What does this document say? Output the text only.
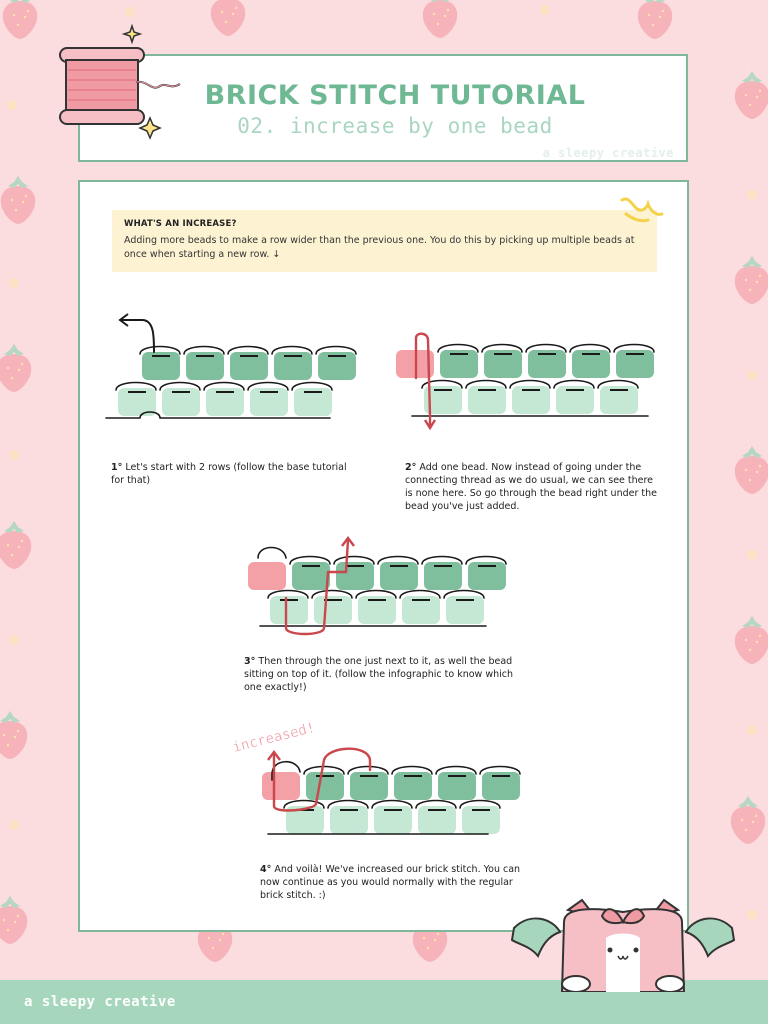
a sleepy creative
BRICK STITCH TUTORIAL
02. increase by one bead
a sleepy creative
WHAT'S AN INCREASE?
Adding more beads to make a row wider than the previous one. You do this by picking up multiple beads at once when starting a new row. ↓
increased!
1° Let's start with 2 rows (follow the base tutorial for that)
2° Add one bead. Now instead of going under the connecting thread as we do usual, we can see there is none here. So go through the bead right under the bead you've just added.
3° Then through the one just next to it, as well the bead sitting on top of it. (follow the infographic to know which one exactly!)
4° And voilà! We've increased our brick stitch. You can now continue as you would normally with the regular brick stitch. :)
